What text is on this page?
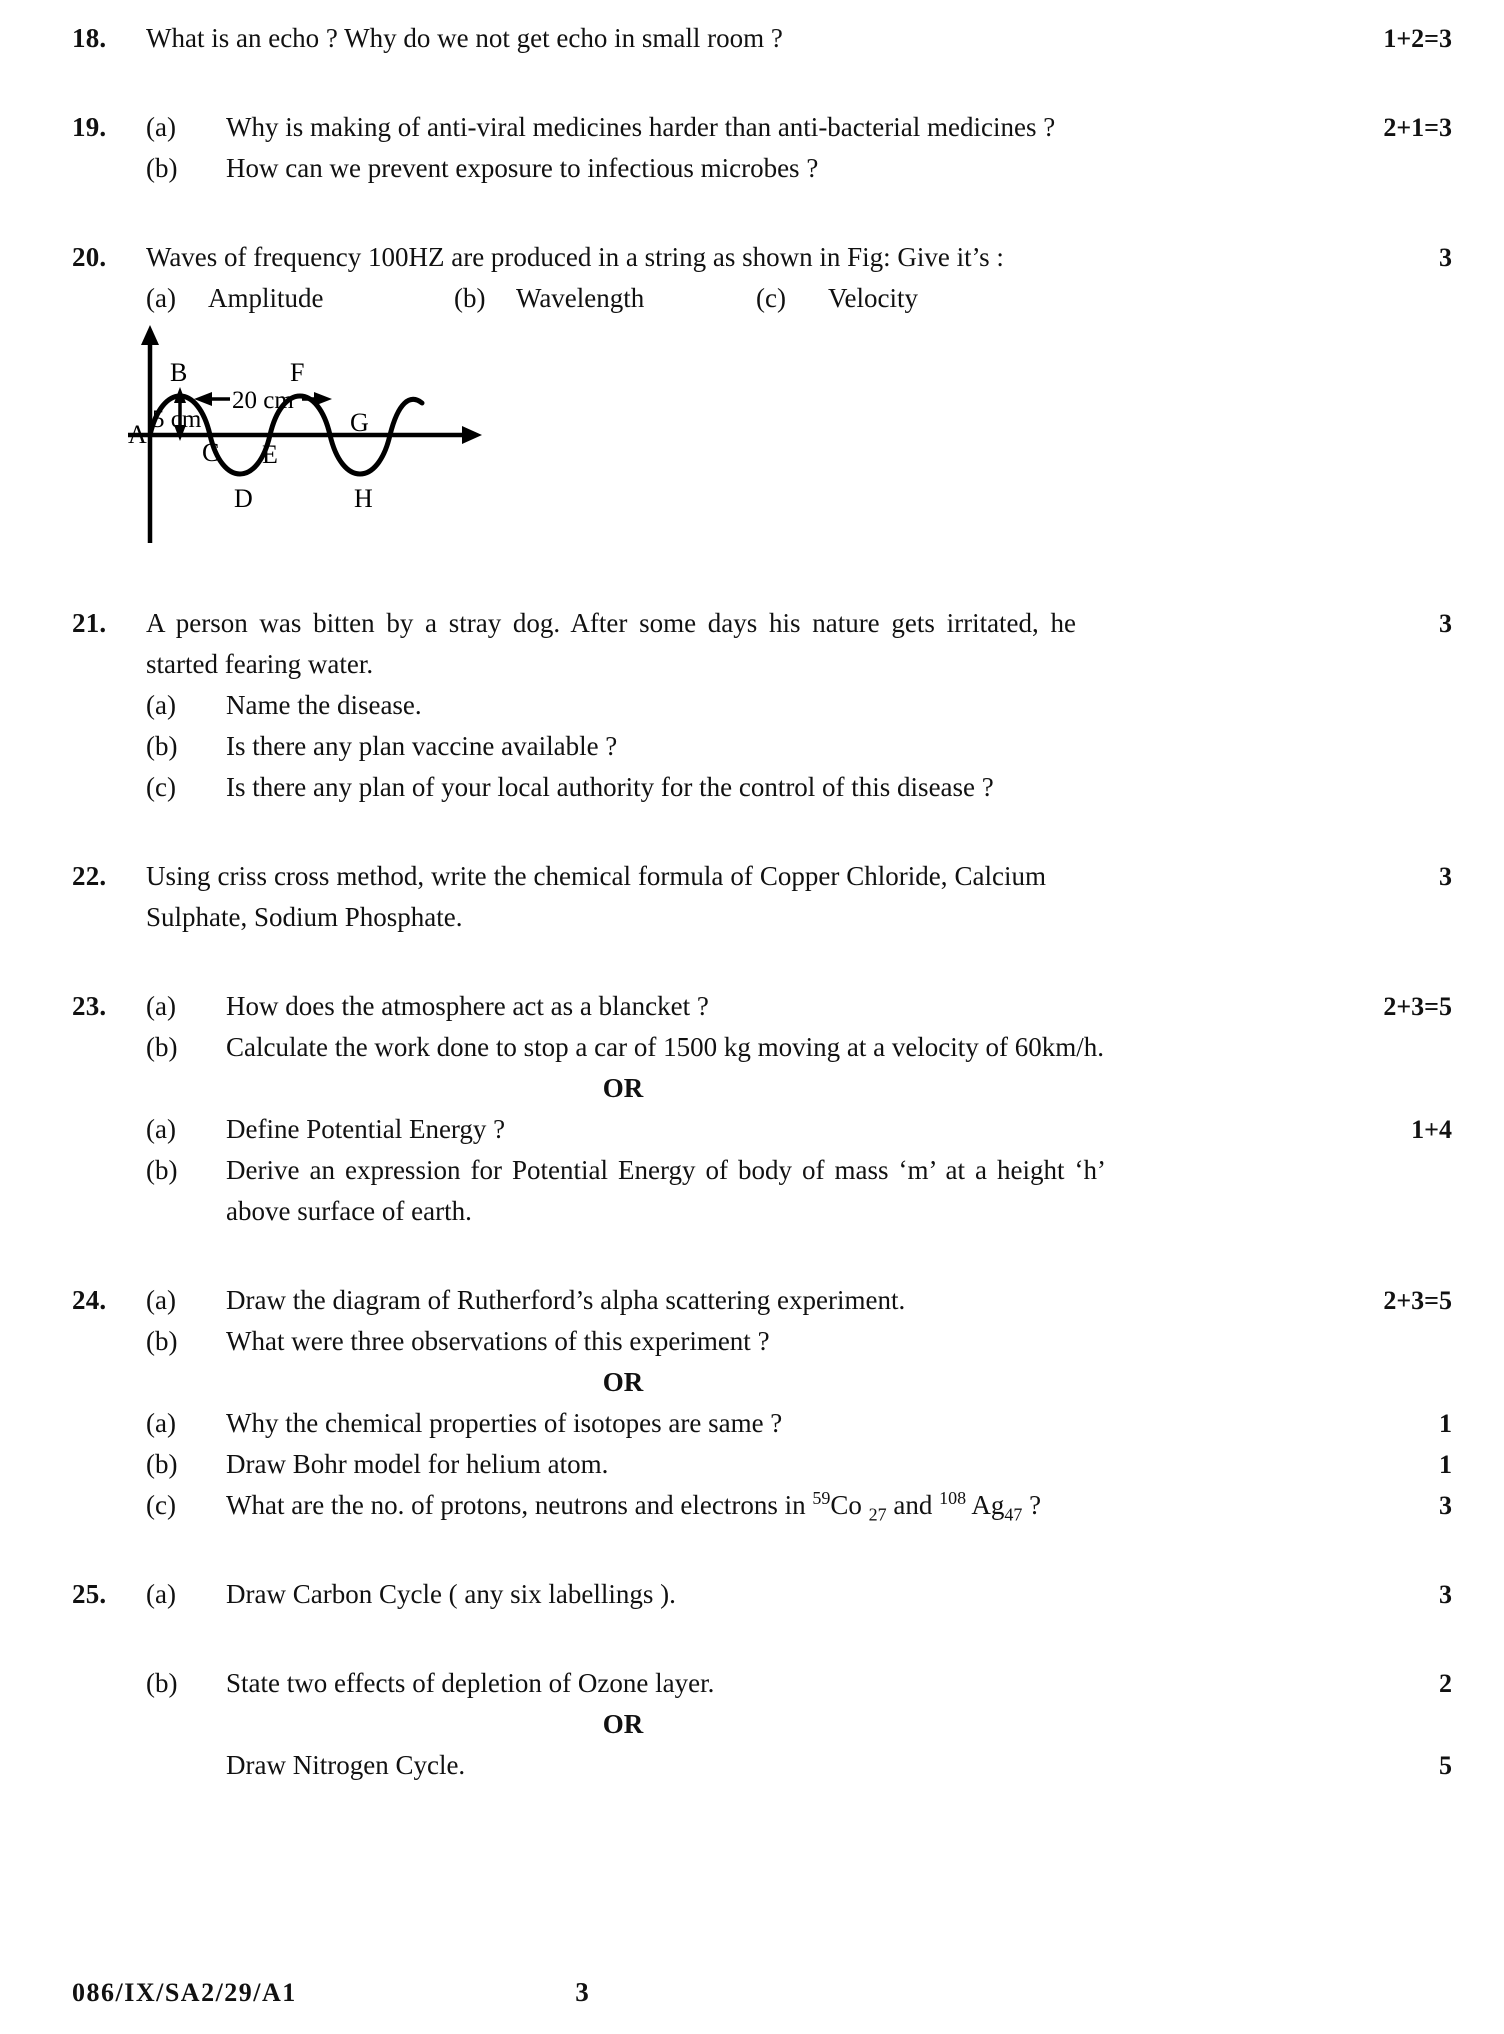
18.	What is an echo ? Why do we not get echo in small room ?	1+2=3
19.	(a)	Why is making of anti-viral medicines harder than anti-bacterial medicines ?	2+1=3
(b)	How can we prevent exposure to infectious microbes ?
20.	Waves of frequency 100HZ are produced in a string as shown in Fig: Give it’s :	3
(a) Amplitude	(b) Wavelength	(c) Velocity
A
B
C
D
E
F
G
H
5 cm
20 cm
21.	A person was bitten by a stray dog. After some days his nature gets irritated, he started fearing water.
3
(a)	Name the disease.
(b)	Is there any plan vaccine available ?
(c)	Is there any plan of your local authority for the control of this disease ?
22.	Using criss cross method, write the chemical formula of Copper Chloride, Calcium Sulphate, Sodium Phosphate.
3
23.	(a)	How does the atmosphere act as a blancket ?	2+3=5
(b)	Calculate the work done to stop a car of 1500 kg moving at a velocity of 60km/h.
OR
(a)	Define Potential Energy ?	1+4
(b)	Derive an expression for Potential Energy of body of mass ‘m’ at a height ‘h’ above surface of earth.
24.	(a)	Draw the diagram of Rutherford’s alpha scattering experiment.	2+3=5
(b)	What were three observations of this experiment ?
OR
(a)	Why the chemical properties of isotopes are same ?	1
(b)	Draw Bohr model for helium atom.	1
(c)	What are the no. of protons, neutrons and electrons in $^{59}$Co $_{27}$ and $^{108}$ $Ag_{47}$ ?	3
25.	(a)	Draw Carbon Cycle ( any six labellings ).	3
(b)	State two effects of depletion of Ozone layer.	2
OR
Draw Nitrogen Cycle.	5
086/IX/SA2/29/A1	3
